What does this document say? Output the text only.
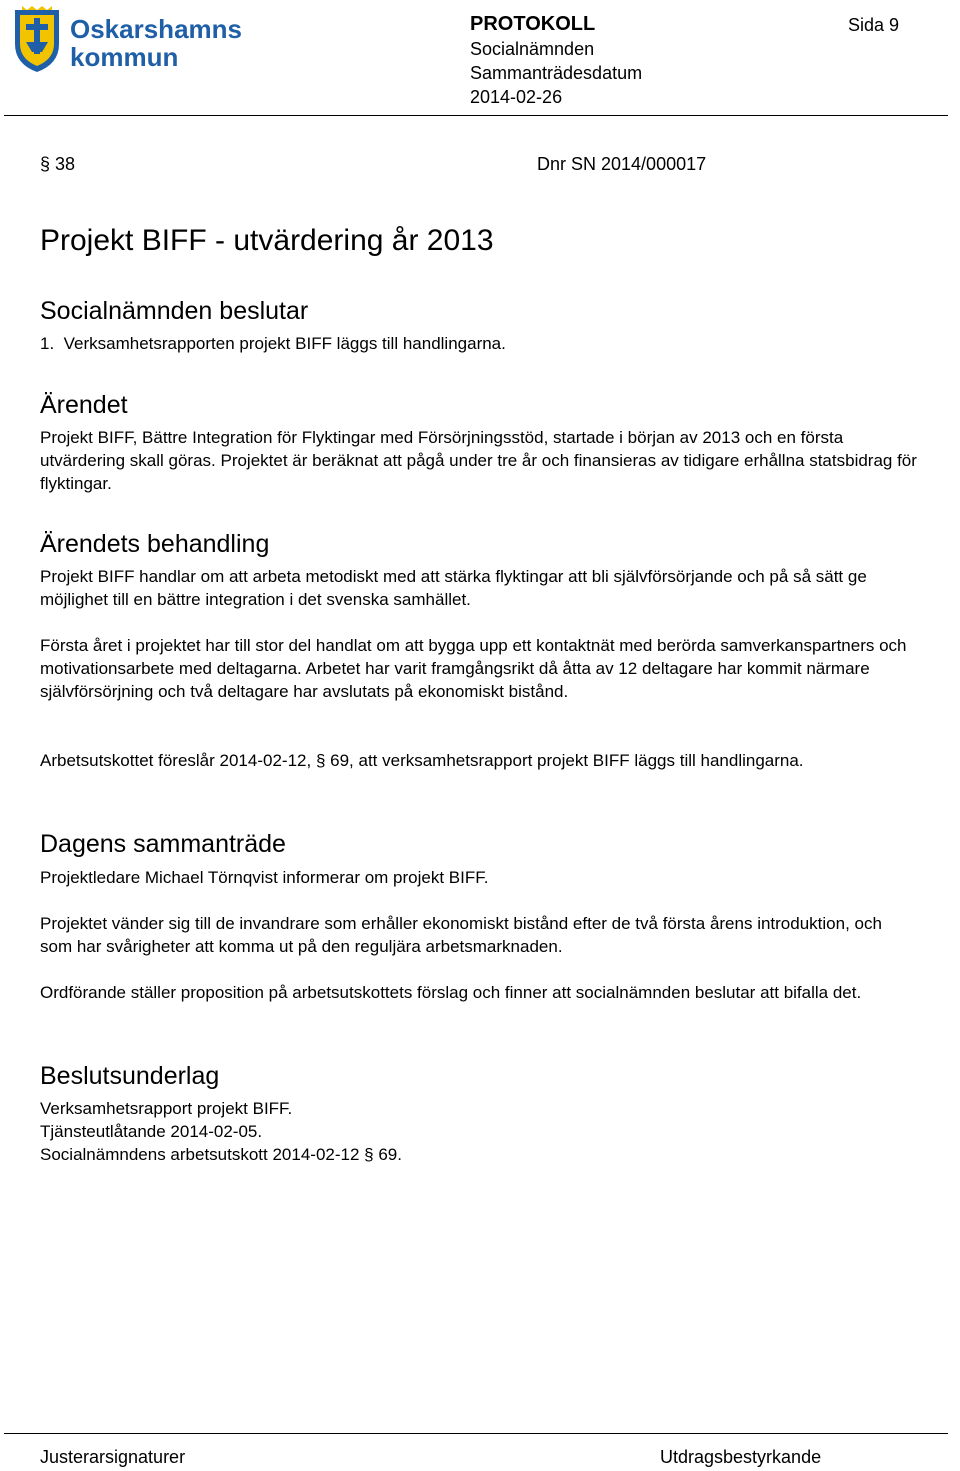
Oskarshamns
kommun
PROTOKOLL	Sida 9
Socialnämnden
Sammanträdesdatum
2014-02-26
§ 38	Dnr SN 2014/000017
Projekt BIFF - utvärdering år 2013
Socialnämnden beslutar
1.  Verksamhetsrapporten projekt BIFF läggs till handlingarna.
Ärendet

Projekt BIFF, Bättre Integration för Flyktingar med Försörjningsstöd, startade i början av 2013 och en första utvärdering skall göras. Projektet är beräknat att pågå under tre år och finansieras av tidigare erhållna statsbidrag för flyktingar.

Ärendets behandling

Projekt BIFF handlar om att arbeta metodiskt med att stärka flyktingar att bli självförsörjande och på så sätt ge möjlighet till en bättre integration i det svenska samhället.

Första året i projektet har till stor del handlat om att bygga upp ett kontaktnät med berörda samverkanspartners och motivationsarbete med deltagarna. Arbetet har varit framgångsrikt då åtta av 12 deltagare har kommit närmare självförsörjning och två deltagare har avslutats på ekonomiskt bistånd.

Arbetsutskottet föreslår 2014-02-12, § 69, att verksamhetsrapport projekt BIFF läggs till handlingarna.

Dagens sammanträde

Projektledare Michael Törnqvist informerar om projekt BIFF.

Projektet vänder sig till de invandrare som erhåller ekonomiskt bistånd efter de två första årens introduktion, och som har svårigheter att komma ut på den reguljära arbetsmarknaden.

Ordförande ställer proposition på arbetsutskottets förslag och finner att socialnämnden beslutar att bifalla det.

Beslutsunderlag
Verksamhetsrapport projekt BIFF.
Tjänsteutlåtande 2014-02-05.
Socialnämndens arbetsutskott 2014-02-12 § 69.
Justerarsignaturer	Utdragsbestyrkande
